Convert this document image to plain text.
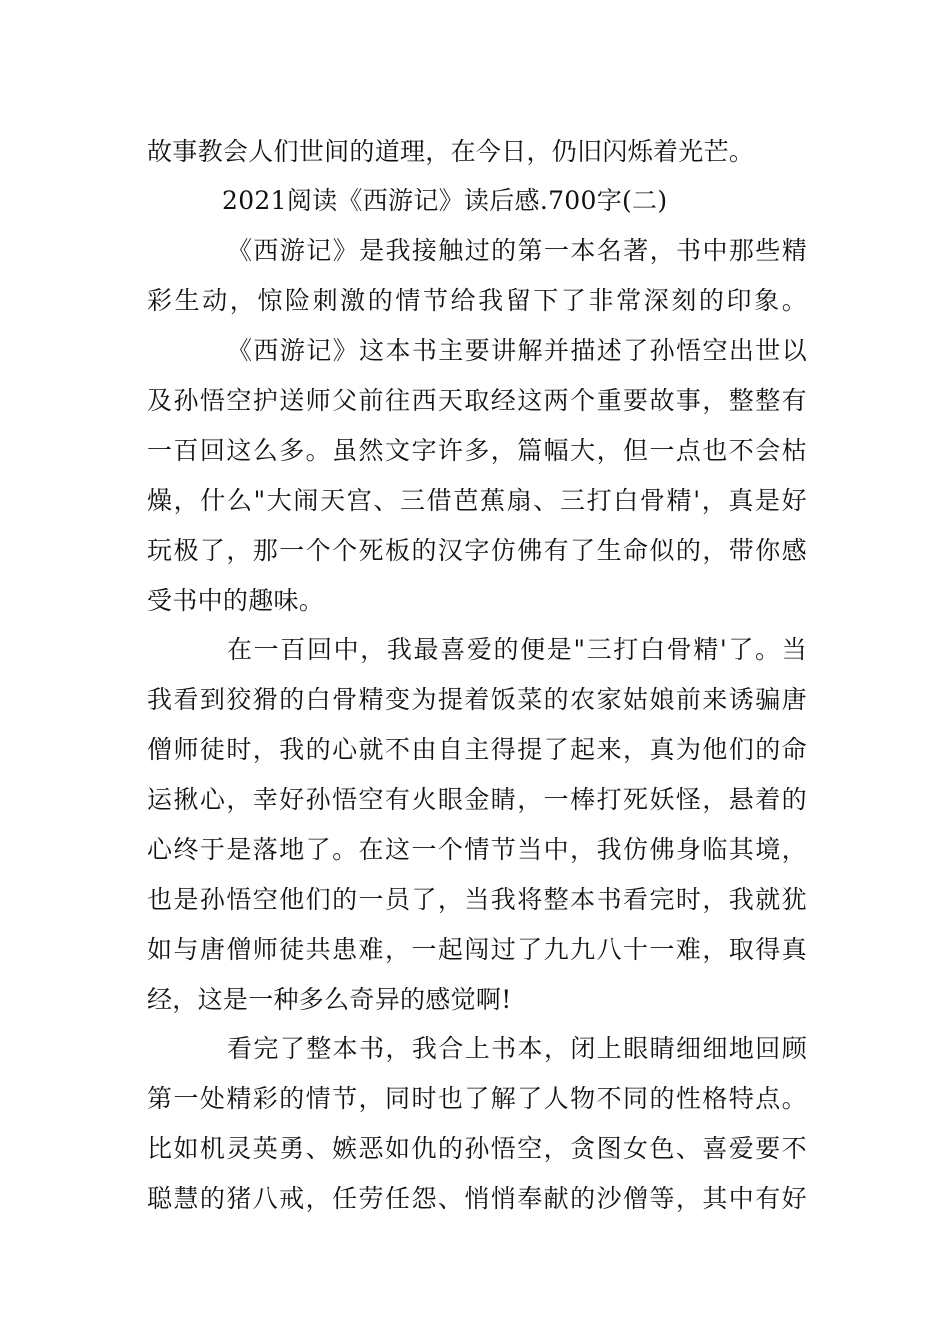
故事教会人们世间的道理，在今日，仍旧闪烁着光芒。
2021阅读《西游记》读后感.700字(二)
《西游记》是我接触过的第一本名著，书中那些精
彩生动，惊险刺激的情节给我留下了非常深刻的印象。
《西游记》这本书主要讲解并描述了孙悟空出世以
及孙悟空护送师父前往西天取经这两个重要故事，整整有
一百回这么多。虽然文字许多，篇幅大，但一点也不会枯
燥，什么"大闹天宫、三借芭蕉扇、三打白骨精'，真是好
玩极了，那一个个死板的汉字仿佛有了生命似的，带你感
受书中的趣味。
在一百回中，我最喜爱的便是"三打白骨精'了。当
我看到狡猾的白骨精变为提着饭菜的农家姑娘前来诱骗唐
僧师徒时，我的心就不由自主得提了起来，真为他们的命
运揪心，幸好孙悟空有火眼金睛，一棒打死妖怪，悬着的
心终于是落地了。在这一个情节当中，我仿佛身临其境，
也是孙悟空他们的一员了，当我将整本书看完时，我就犹
如与唐僧师徒共患难，一起闯过了九九八十一难，取得真
经，这是一种多么奇异的感觉啊!
看完了整本书，我合上书本，闭上眼睛细细地回顾
第一处精彩的情节，同时也了解了人物不同的性格特点。
比如机灵英勇、嫉恶如仇的孙悟空，贪图女色、喜爱要不
聪慧的猪八戒，任劳任怨、悄悄奉献的沙僧等，其中有好
